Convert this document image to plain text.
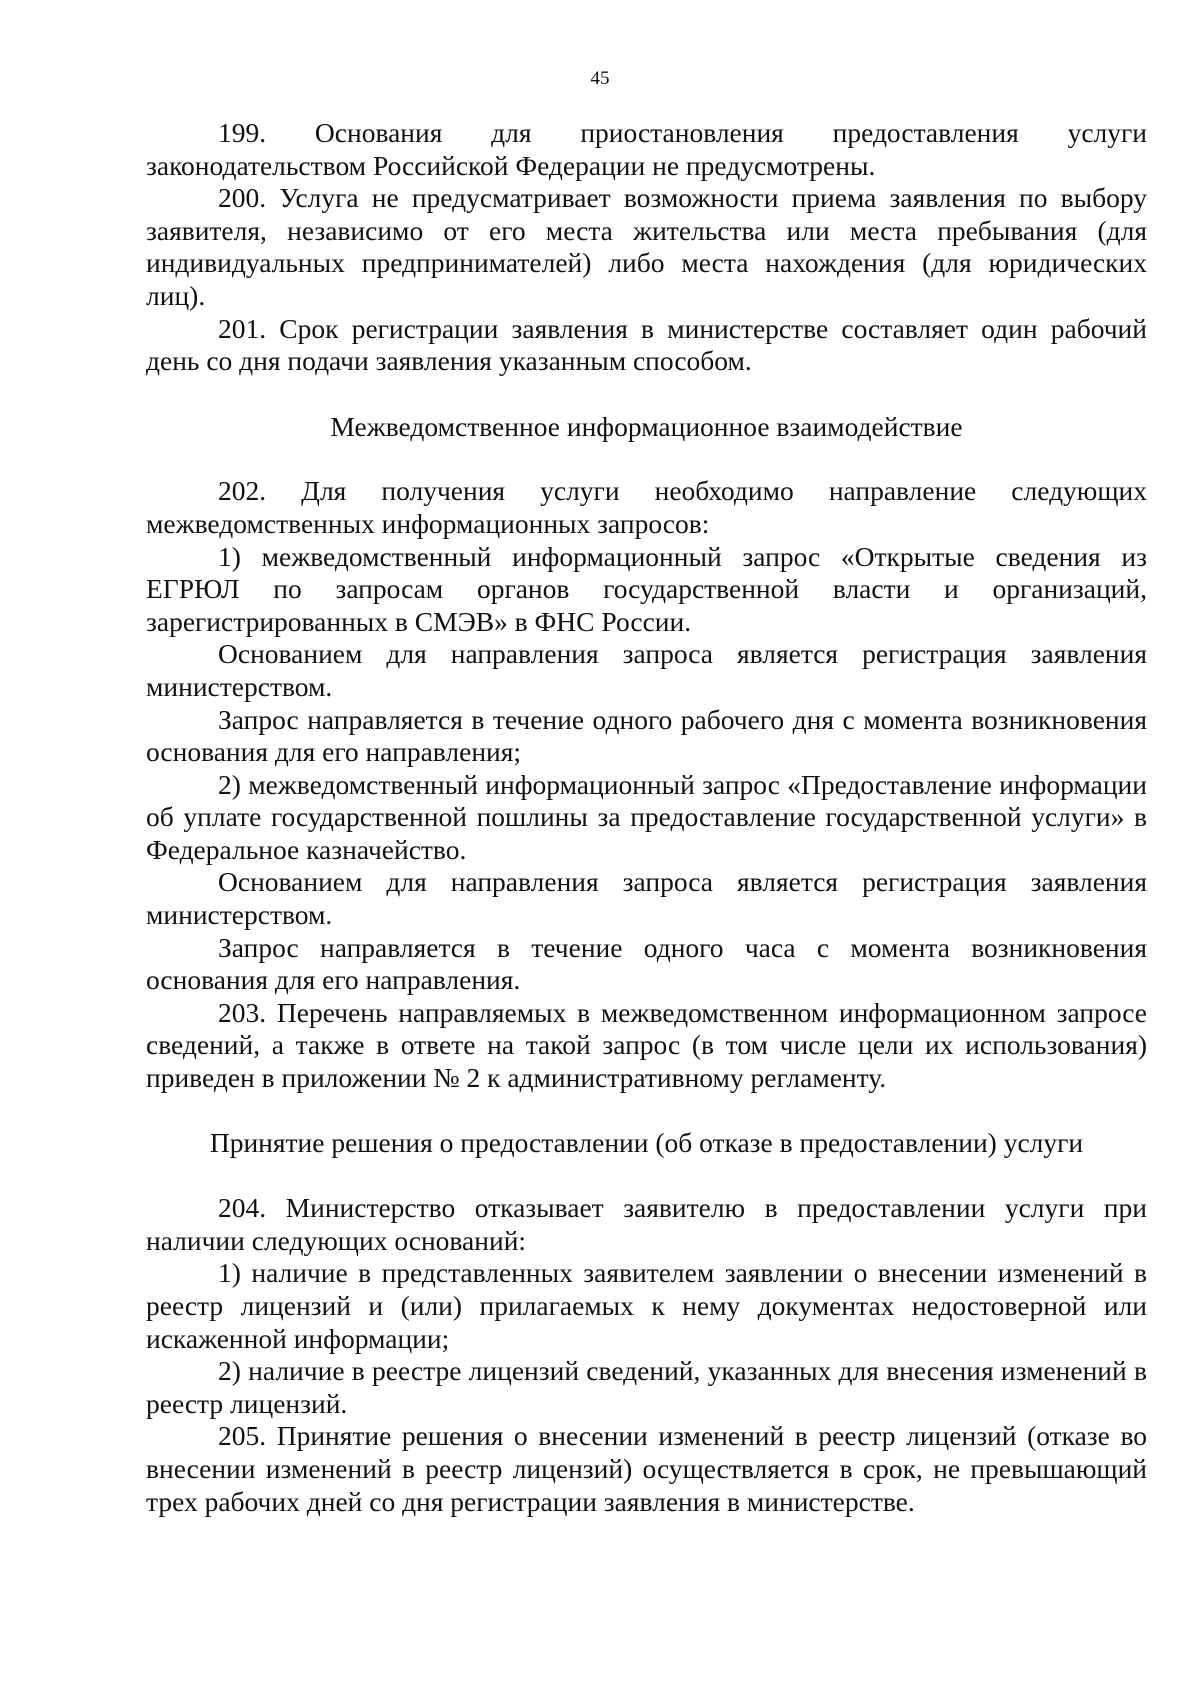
45

199. Основания для приостановления предоставления услуги законодательством Российской Федерации не предусмотрены.

200. Услуга не предусматривает возможности приема заявления по выбору заявителя, независимо от его места жительства или места пребывания (для индивидуальных предпринимателей) либо места нахождения (для юридических лиц).

201. Срок регистрации заявления в министерстве составляет один рабочий день со дня подачи заявления указанным способом.

Межведомственное информационное взаимодействие

202. Для получения услуги необходимо направление следующих межведомственных информационных запросов:

1) межведомственный информационный запрос «Открытые сведения из ЕГРЮЛ по запросам органов государственной власти и организаций, зарегистрированных в СМЭВ» в ФНС России.

Основанием для направления запроса является регистрация заявления министерством.

Запрос направляется в течение одного рабочего дня с момента возникновения основания для его направления;

2) межведомственный информационный запрос «Предоставление информации об уплате государственной пошлины за предоставление государственной услуги» в Федеральное казначейство.

Основанием для направления запроса является регистрация заявления министерством.

Запрос направляется в течение одного часа с момента возникновения основания для его направления.

203. Перечень направляемых в межведомственном информационном запросе сведений, а также в ответе на такой запрос (в том числе цели их использования) приведен в приложении № 2 к административному регламенту.

Принятие решения о предоставлении (об отказе в предоставлении) услуги

204. Министерство отказывает заявителю в предоставлении услуги при наличии следующих оснований:

1) наличие в представленных заявителем заявлении о внесении изменений в реестр лицензий и (или) прилагаемых к нему документах недостоверной или искаженной информации;

2) наличие в реестре лицензий сведений, указанных для внесения изменений в реестр лицензий.

205. Принятие решения о внесении изменений в реестр лицензий (отказе во внесении изменений в реестр лицензий) осуществляется в срок, не превышающий трех рабочих дней со дня регистрации заявления в министерстве.
